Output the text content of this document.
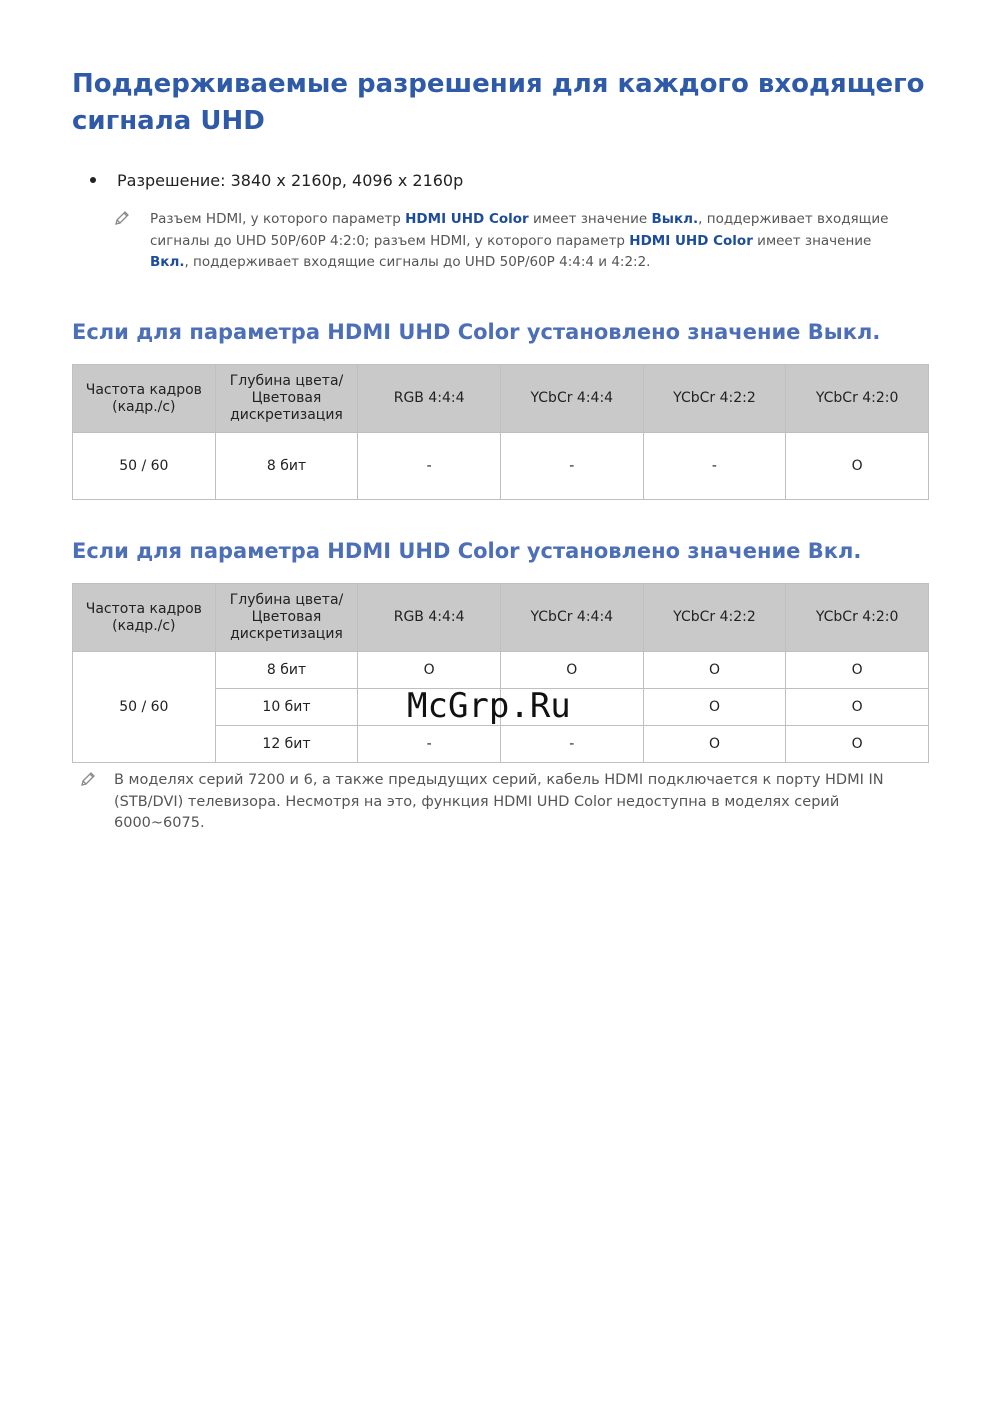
Поддерживаемые разрешения для каждого входящего сигнала UHD
Разрешение: 3840 x 2160p, 4096 x 2160p
Разъем HDMI, у которого параметр HDMI UHD Color имеет значение Выкл., поддерживает входящие сигналы до UHD 50P/60P 4:2:0; разъем HDMI, у которого параметр HDMI UHD Color имеет значение Вкл., поддерживает входящие сигналы до UHD 50P/60P 4:4:4 и 4:2:2.
Если для параметра HDMI UHD Color установлено значение Выкл.
Частота кадров (кадр./с)	Глубина цвета/ Цветовая дискретизация	RGB 4:4:4	YCbCr 4:4:4	YCbCr 4:2:2	YCbCr 4:2:0
50 / 60	8 бит	-	-	-	O
Если для параметра HDMI UHD Color установлено значение Вкл.
Частота кадров (кадр./с)	Глубина цвета/ Цветовая дискретизация	RGB 4:4:4	YCbCr 4:4:4	YCbCr 4:2:2	YCbCr 4:2:0
50 / 60	8 бит	O	O	O	O
	10 бит			O	O
	12 бит	-	-	O	O
McGrp.Ru
В моделях серий 7200 и 6, а также предыдущих серий, кабель HDMI подключается к порту HDMI IN (STB/DVI) телевизора. Несмотря на это, функция HDMI UHD Color недоступна в моделях серий 6000~6075.
